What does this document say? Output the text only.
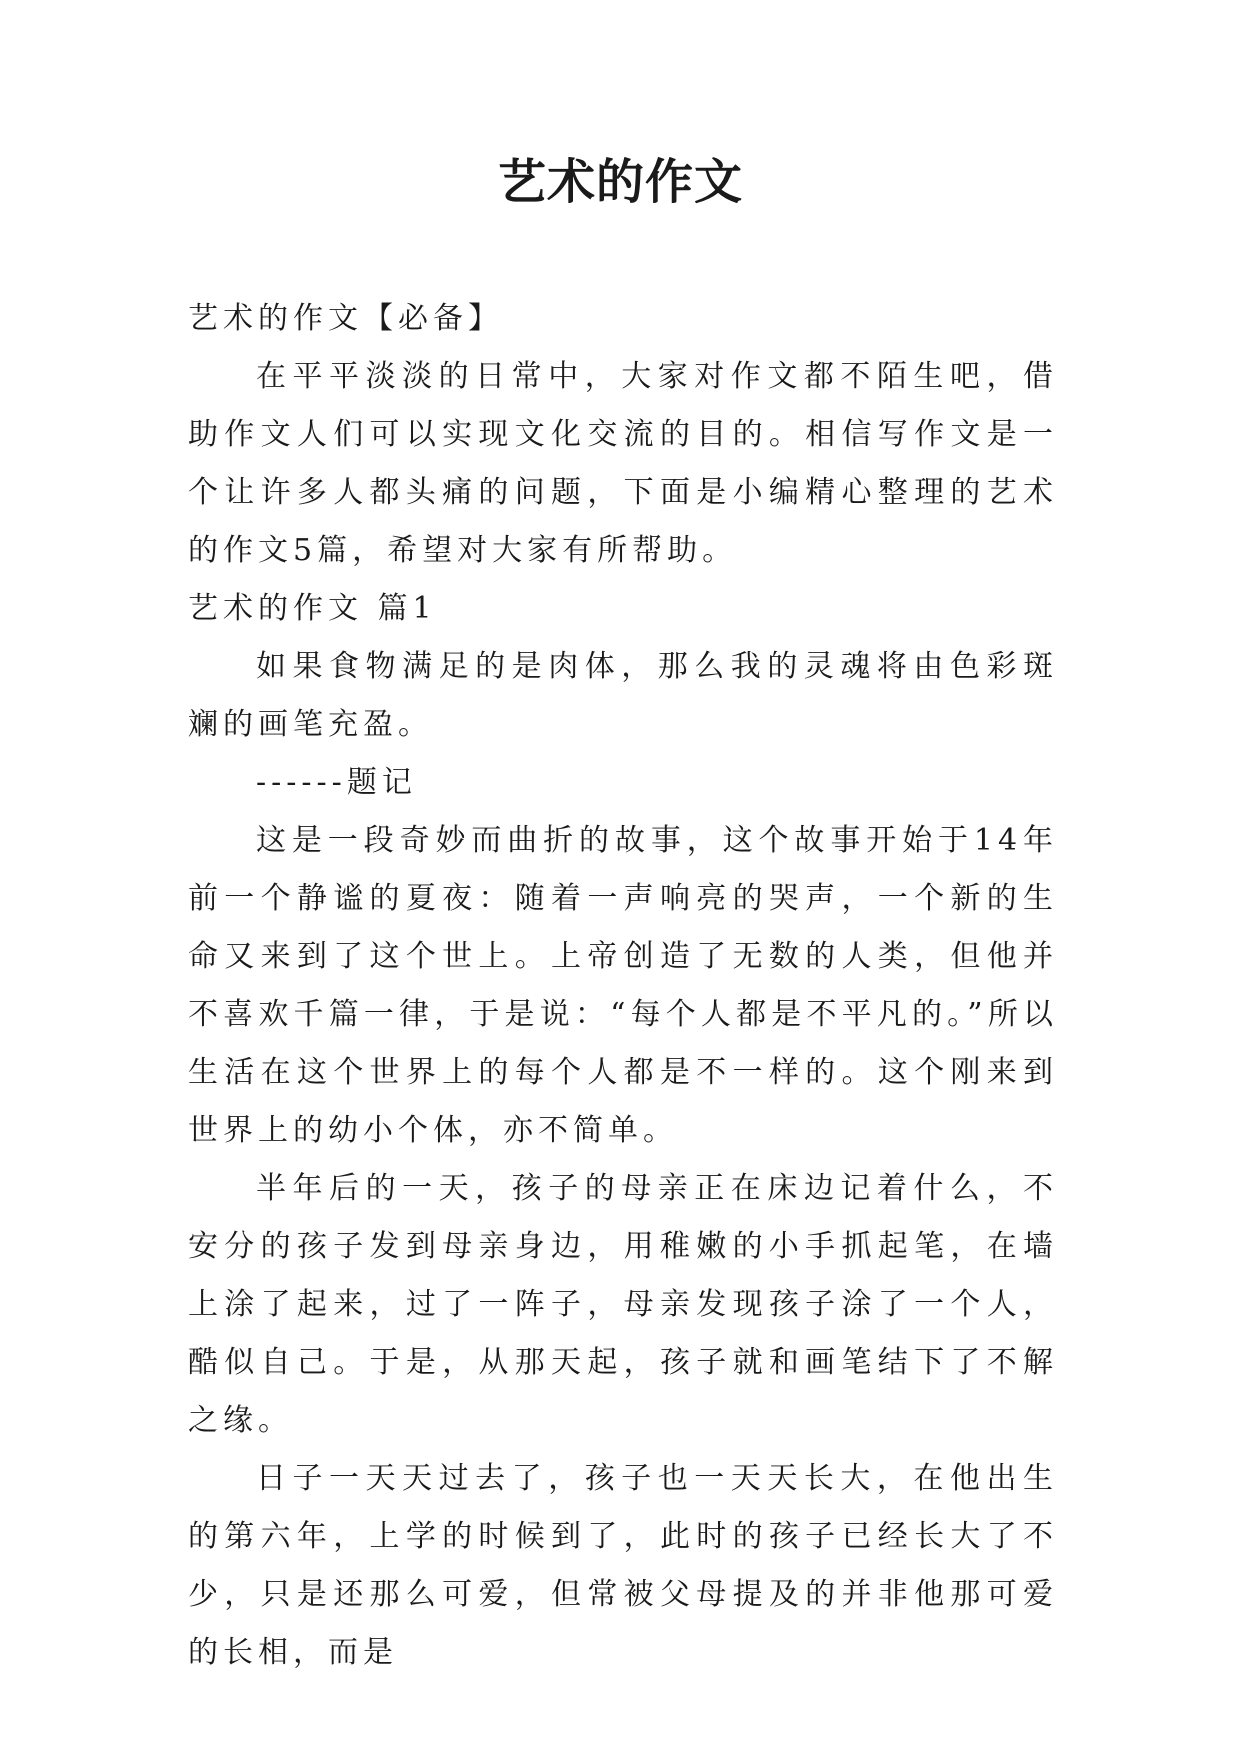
艺术的作文

艺术的作文【必备】

在平平淡淡的日常中，大家对作文都不陌生吧，借助作文人们可以实现文化交流的目的。相信写作文是一个让许多人都头痛的问题，下面是小编精心整理的艺术的作文5篇，希望对大家有所帮助。

艺术的作文 篇1

如果食物满足的是肉体，那么我的灵魂将由色彩斑斓的画笔充盈。

------题记

这是一段奇妙而曲折的故事，这个故事开始于14年前一个静谧的夏夜：随着一声响亮的哭声，一个新的生命又来到了这个世上。上帝创造了无数的人类，但他并不喜欢千篇一律，于是说：“每个人都是不平凡的。”所以生活在这个世界上的每个人都是不一样的。这个刚来到世界上的幼小个体，亦不简单。

半年后的一天，孩子的母亲正在床边记着什么，不安分的孩子发到母亲身边，用稚嫩的小手抓起笔，在墙上涂了起来，过了一阵子，母亲发现孩子涂了一个人，酷似自己。于是，从那天起，孩子就和画笔结下了不解之缘。

日子一天天过去了，孩子也一天天长大，在他出生的第六年，上学的时候到了，此时的孩子已经长大了不少，只是还那么可爱，但常被父母提及的并非他那可爱的长相，而是
